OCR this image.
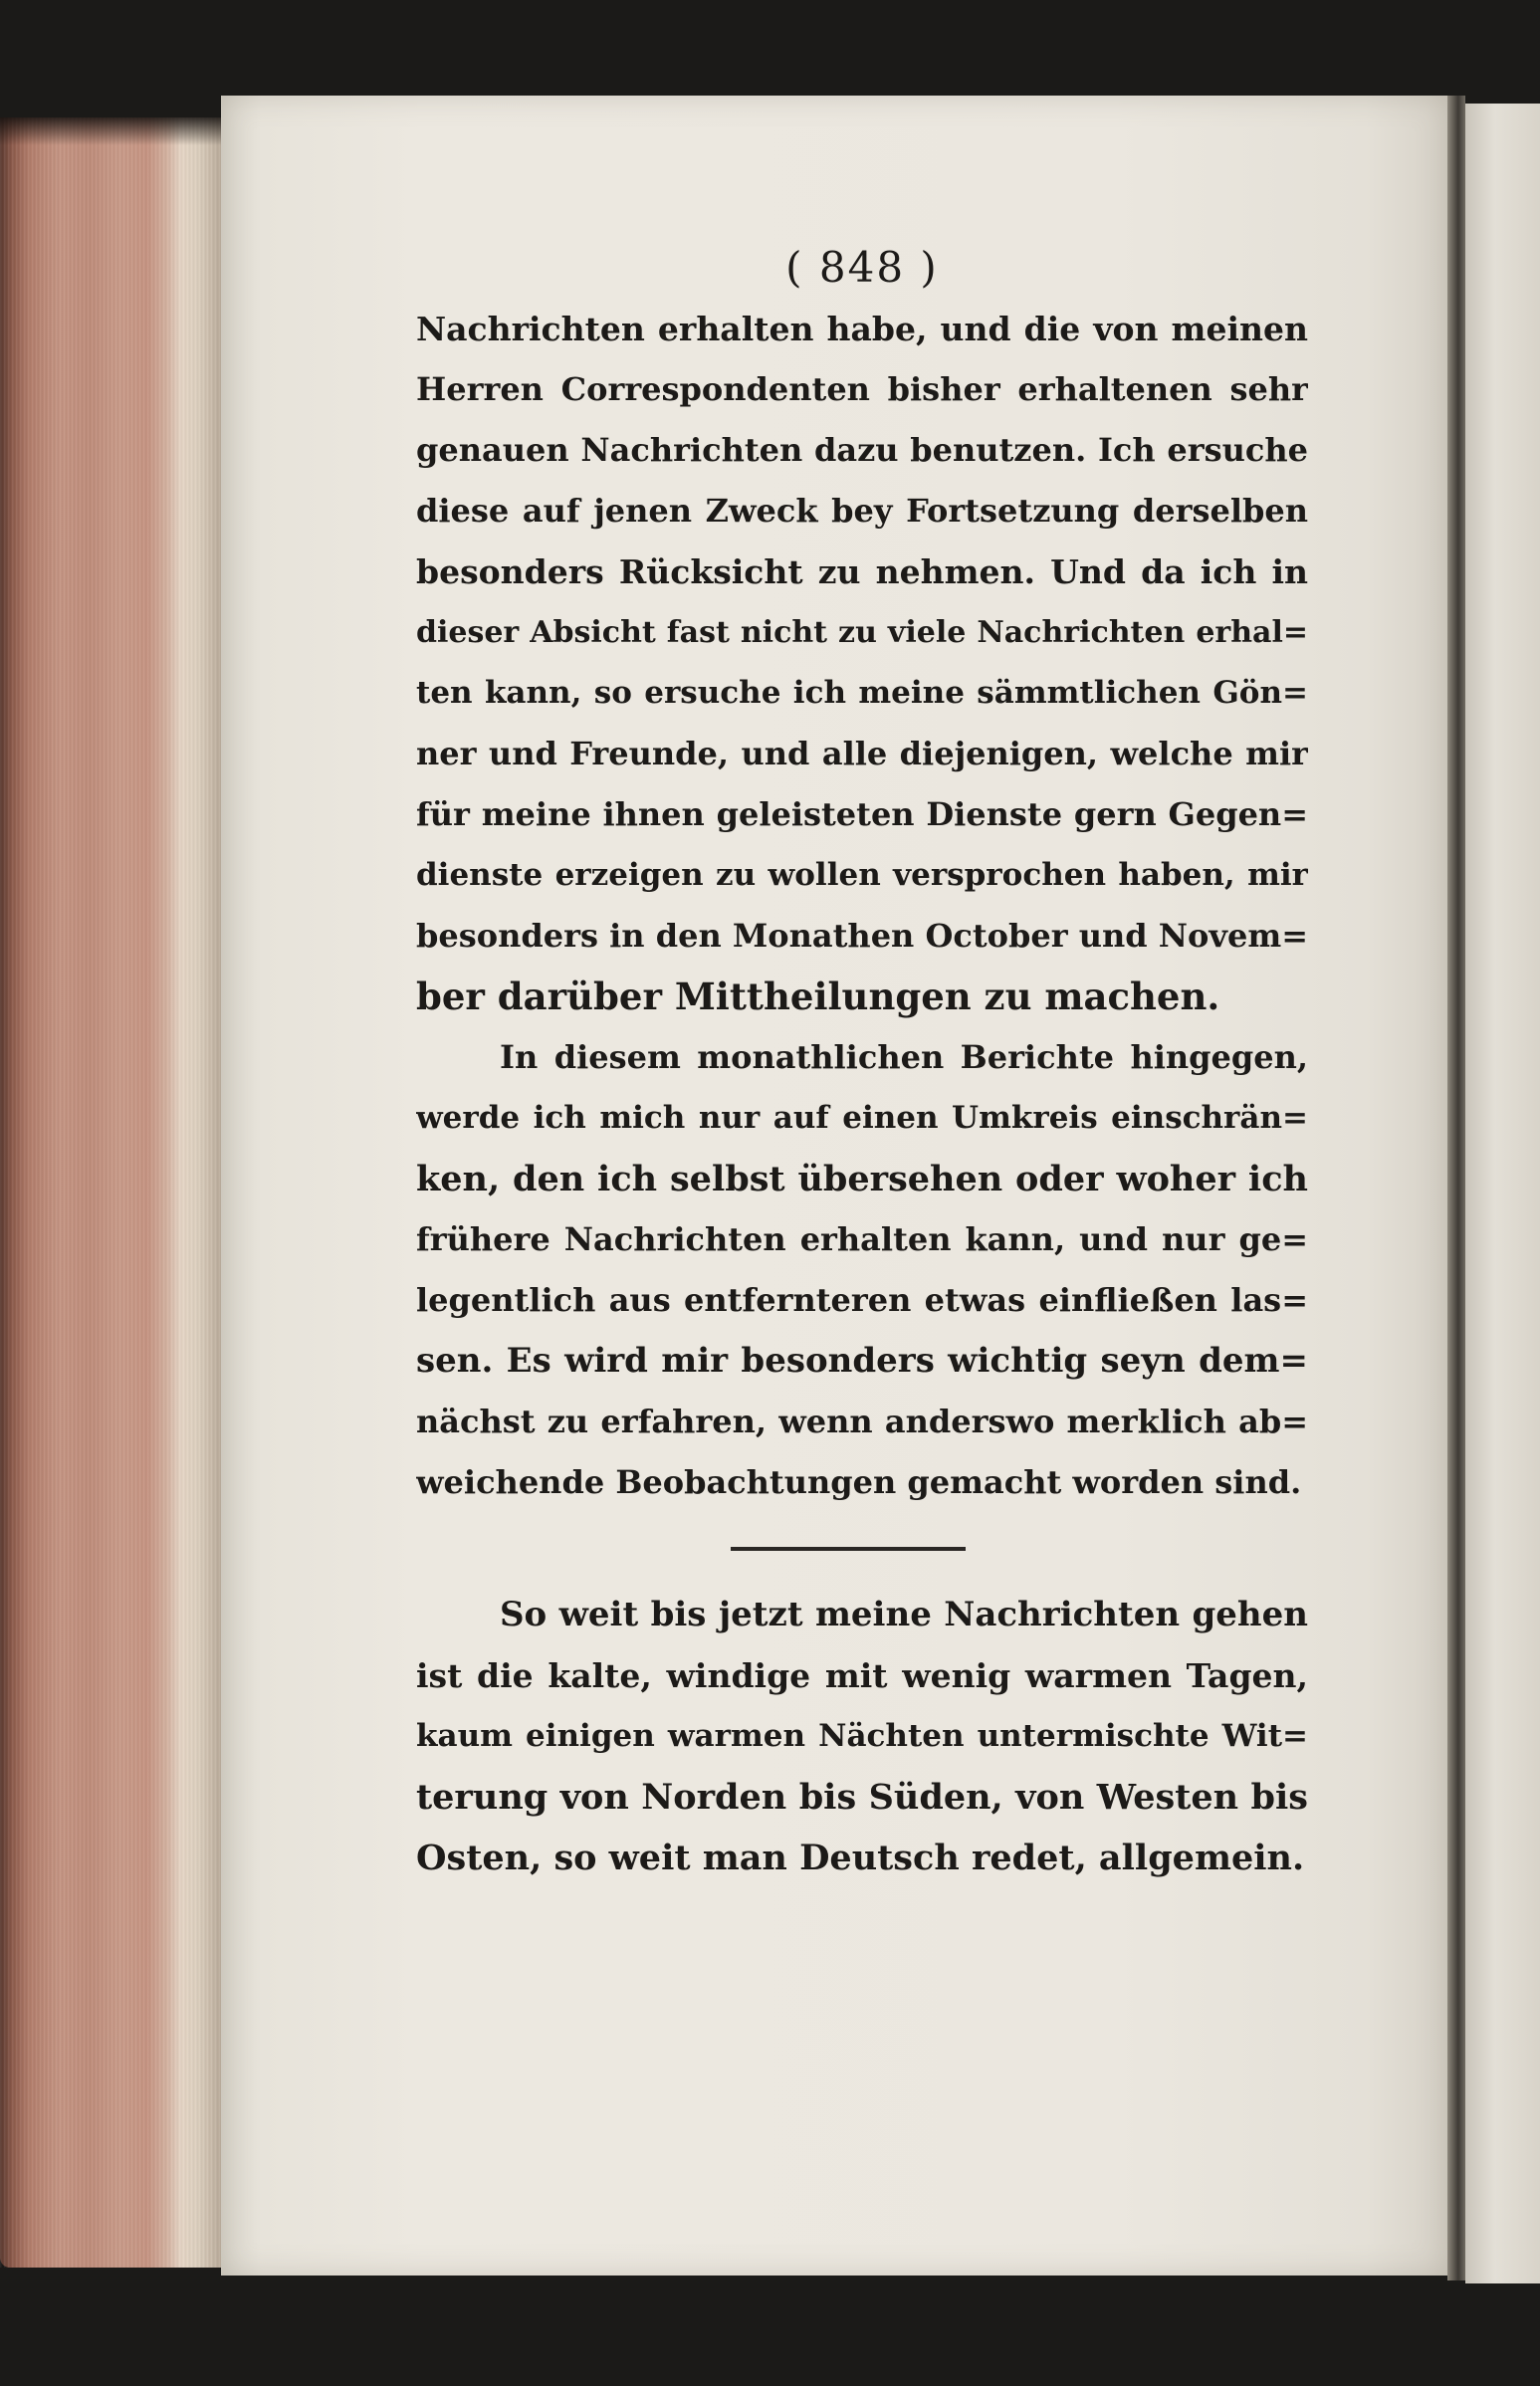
( 848 )
Nachrichten erhalten habe, und die von meinen
Herren Correspondenten bisher erhaltenen sehr
genauen Nachrichten dazu benutzen. Ich ersuche
diese auf jenen Zweck bey Fortsetzung derselben
besonders Rücksicht zu nehmen. Und da ich in
dieser Absicht fast nicht zu viele Nachrichten erhal=
ten kann, so ersuche ich meine sämmtlichen Gön=
ner und Freunde, und alle diejenigen, welche mir
für meine ihnen geleisteten Dienste gern Gegen=
dienste erzeigen zu wollen versprochen haben, mir
besonders in den Monathen October und Novem=
ber darüber Mittheilungen zu machen.
In diesem monathlichen Berichte hingegen,
werde ich mich nur auf einen Umkreis einschrän=
ken, den ich selbst übersehen oder woher ich
frühere Nachrichten erhalten kann, und nur ge=
legentlich aus entfernteren etwas einfließen las=
sen. Es wird mir besonders wichtig seyn dem=
nächst zu erfahren, wenn anderswo merklich ab=
weichende Beobachtungen gemacht worden sind.
So weit bis jetzt meine Nachrichten gehen
ist die kalte, windige mit wenig warmen Tagen,
kaum einigen warmen Nächten untermischte Wit=
terung von Norden bis Süden, von Westen bis
Osten, so weit man Deutsch redet, allgemein.
